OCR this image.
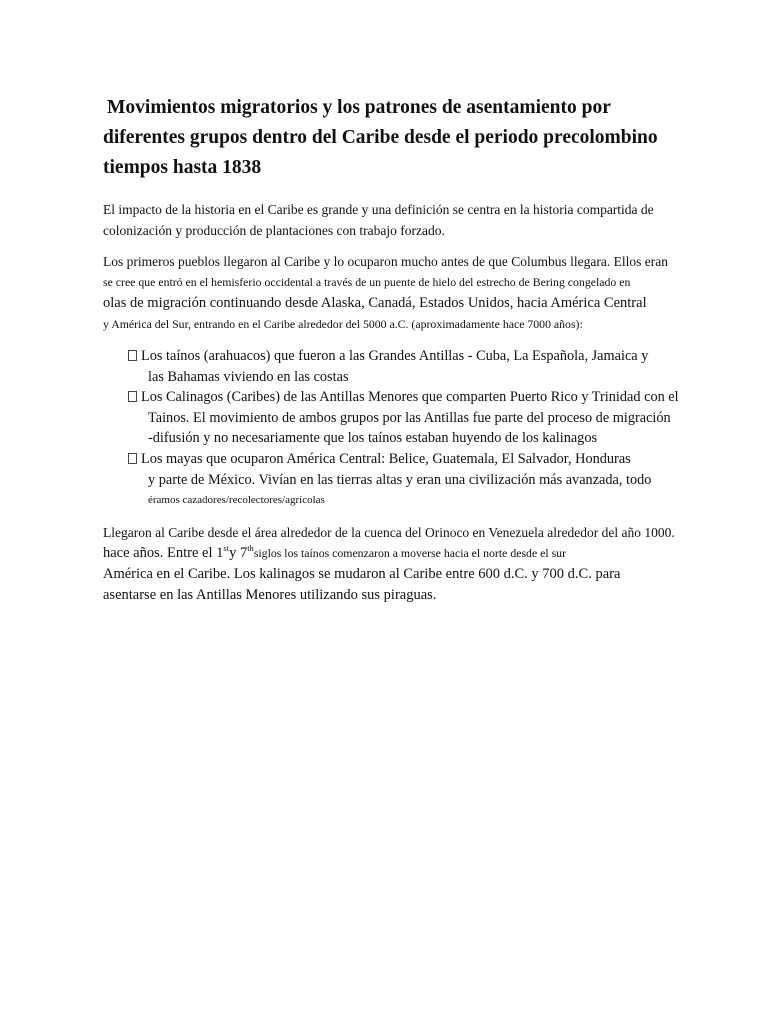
Movimientos migratorios y los patrones de asentamiento por
diferentes grupos dentro del Caribe desde el periodo precolombino
tiempos hasta 1838

El impacto de la historia en el Caribe es grande y una definición se centra en la historia compartida de
colonización y producción de plantaciones con trabajo forzado.

Los primeros pueblos llegaron al Caribe y lo ocuparon mucho antes de que Columbus llegara. Ellos eran
se cree que entró en el hemisferio occidental a través de un puente de hielo del estrecho de Bering congelado en
olas de migración continuando desde Alaska, Canadá, Estados Unidos, hacia América Central
y América del Sur, entrando en el Caribe alrededor del 5000 a.C. (aproximadamente hace 7000 años):

Los taínos (arahuacos) que fueron a las Grandes Antillas - Cuba, La Española, Jamaica y
las Bahamas viviendo en las costas
Los Calinagos (Caribes) de las Antillas Menores que comparten Puerto Rico y Trinidad con el
Tainos. El movimiento de ambos grupos por las Antillas fue parte del proceso de migración
-difusión y no necesariamente que los taínos estaban huyendo de los kalinagos
Los mayas que ocuparon América Central: Belice, Guatemala, El Salvador, Honduras
y parte de México. Vivían en las tierras altas y eran una civilización más avanzada, todo
éramos cazadores/recolectores/agrícolas

Llegaron al Caribe desde el área alrededor de la cuenca del Orinoco en Venezuela alrededor del año 1000.
hace años. Entre el 1sty 7thsiglos los taínos comenzaron a moverse hacia el norte desde el sur
América en el Caribe. Los kalinagos se mudaron al Caribe entre 600 d.C. y 700 d.C. para
asentarse en las Antillas Menores utilizando sus piraguas.
